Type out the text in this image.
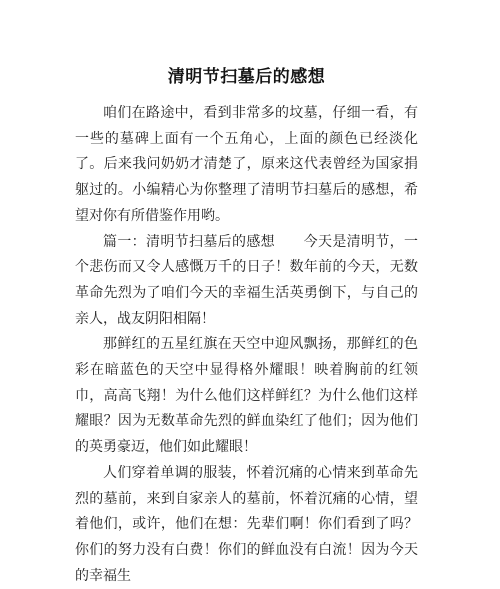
清明节扫墓后的感想

咱们在路途中，看到非常多的坟墓，仔细一看，有一些的墓碑上面有一个五角心，上面的颜色已经淡化了。后来我问奶奶才清楚了，原来这代表曾经为国家捐躯过的。小编精心为你整理了清明节扫墓后的感想，希望对你有所借鉴作用哟。

篇一：清明节扫墓后的感想　　今天是清明节，一个悲伤而又令人感慨万千的日子！数年前的今天，无数革命先烈为了咱们今天的幸福生活英勇倒下，与自己的亲人，战友阴阳相隔！

那鲜红的五星红旗在天空中迎风飘扬，那鲜红的色彩在暗蓝色的天空中显得格外耀眼！映着胸前的红领巾，高高飞翔！为什么他们这样鲜红？为什么他们这样耀眼？因为无数革命先烈的鲜血染红了他们；因为他们的英勇豪迈，他们如此耀眼！

人们穿着单调的服装，怀着沉痛的心情来到革命先烈的墓前，来到自家亲人的墓前，怀着沉痛的心情，望着他们，或许，他们在想：先辈们啊！你们看到了吗？你们的努力没有白费！你们的鲜血没有白流！因为今天的幸福生
